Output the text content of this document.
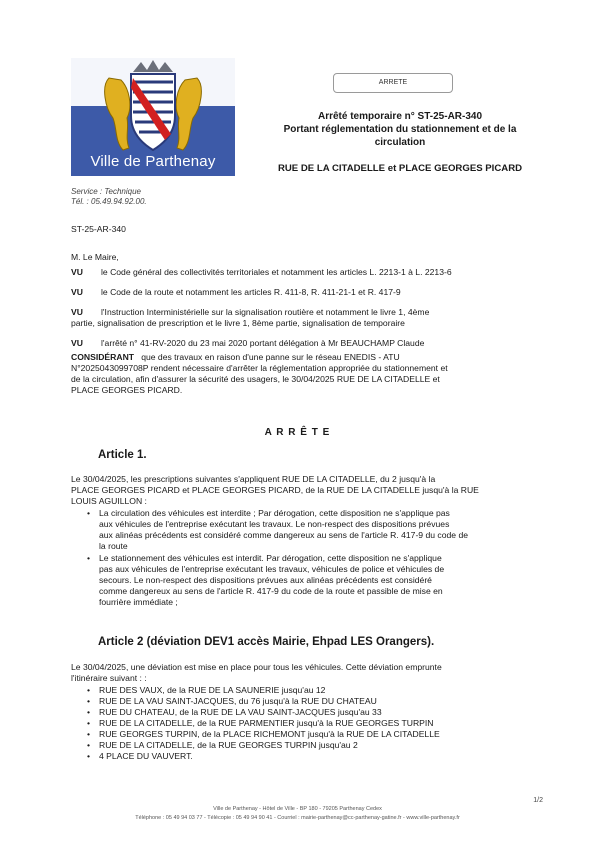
Ville de Parthenay
ARRETE
Arrêté temporaire n° ST-25-AR-340
Portant réglementation du stationnement et de la
circulation
RUE DE LA CITADELLE et PLACE GEORGES PICARD
Service : Technique
Tél. : 05.49.94.92.00.
ST-25-AR-340
M. Le Maire,
VU le Code général des collectivités territoriales et notamment les articles L. 2213-1 à L. 2213-6
VU le Code de la route et notamment les articles R. 411-8, R. 411-21-1 et R. 417-9
VU l'Instruction Interministérielle sur la signalisation routière et notamment le livre 1, 4ème
partie, signalisation de prescription et le livre 1, 8ème partie, signalisation de temporaire
VU l'arrêté n° 41-RV-2020 du 23 mai 2020 portant délégation à Mr BEAUCHAMP Claude
CONSIDÉRANT que des travaux en raison d'une panne sur le réseau ENEDIS - ATU
N°2025043099708P rendent nécessaire d'arrêter la réglementation appropriée du stationnement et
de la circulation, afin d'assurer la sécurité des usagers, le 30/04/2025 RUE DE LA CITADELLE et
PLACE GEORGES PICARD.
A R R Ê T E
Article 1.
Le 30/04/2025, les prescriptions suivantes s'appliquent RUE DE LA CITADELLE, du 2 jusqu'à la
PLACE GEORGES PICARD et PLACE GEORGES PICARD, de la RUE DE LA CITADELLE jusqu'à la RUE
LOUIS AGUILLON :
• La circulation des véhicules est interdite ; Par dérogation, cette disposition ne s'applique pas
aux véhicules de l'entreprise exécutant les travaux. Le non-respect des dispositions prévues
aux alinéas précédents est considéré comme dangereux au sens de l'article R. 417-9 du code de
la route
• Le stationnement des véhicules est interdit. Par dérogation, cette disposition ne s'applique
pas aux véhicules de l'entreprise exécutant les travaux, véhicules de police et véhicules de
secours. Le non-respect des dispositions prévues aux alinéas précédents est considéré
comme dangereux au sens de l'article R. 417-9 du code de la route et passible de mise en
fourrière immédiate ;
Article 2 (déviation DEV1 accès Mairie, Ehpad LES Orangers).
Le 30/04/2025, une déviation est mise en place pour tous les véhicules. Cette déviation emprunte
l'itinéraire suivant : :
• RUE DES VAUX, de la RUE DE LA SAUNERIE jusqu'au 12
• RUE DE LA VAU SAINT-JACQUES, du 76 jusqu'à la RUE DU CHATEAU
• RUE DU CHATEAU, de la RUE DE LA VAU SAINT-JACQUES jusqu'au 33
• RUE DE LA CITADELLE, de la RUE PARMENTIER jusqu'à la RUE GEORGES TURPIN
• RUE GEORGES TURPIN, de la PLACE RICHEMONT jusqu'à la RUE DE LA CITADELLE
• RUE DE LA CITADELLE, de la RUE GEORGES TURPIN jusqu'au 2
• 4 PLACE DU VAUVERT.
1/2
Ville de Parthenay - Hôtel de Ville - BP 180 - 79205 Parthenay Cedex
Téléphone : 05 49 94 03 77 - Télécopie : 05 49 94 90 41 - Courriel : mairie-parthenay@cc-parthenay-gatine.fr - www.ville-parthenay.fr
